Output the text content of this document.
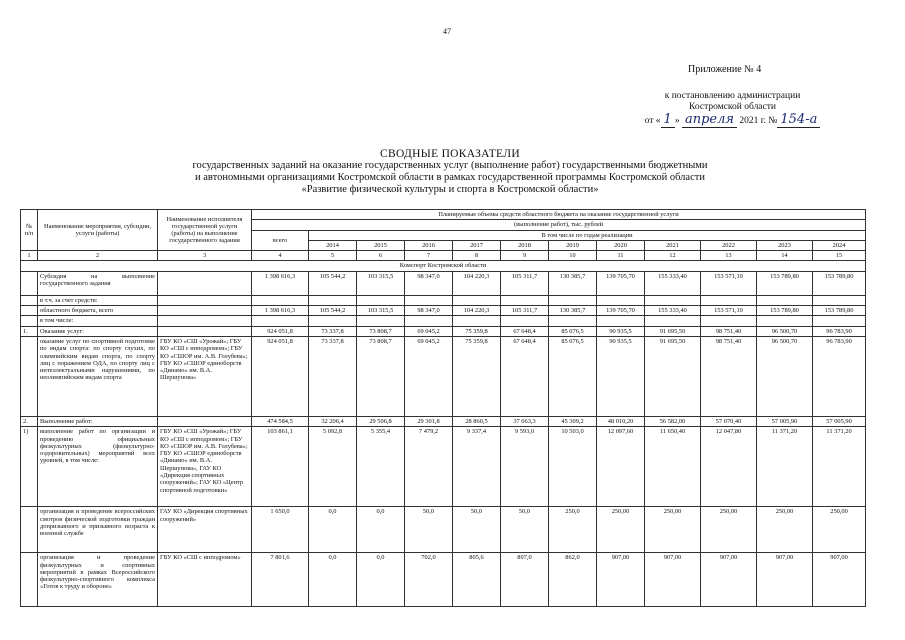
47
Приложение № 4
к постановлению администрации
Костромской области
от « 1 » апреля 2021 г. № 154-а
СВОДНЫЕ ПОКАЗАТЕЛИ
государственных заданий на оказание государственных услуг (выполнение работ) государственными бюджетными
и автономными организациями Костромской области в рамках государственной программы Костромской области
«Развитие физической культуры и спорта в Костромской области»
№ п/п	Наименование мероприятия, субсидии, услуги (работы)	Наименование исполнителя государственной услуги (работы) на выполнение государственного задания	Планируемые объемы средств областного бюджета на оказание государственной услуги											
			(выполнение работ), тыс. рублей											
			всего	В том числе по годам реализации										
				2014	2015	2016	2017	2018	2019	2020	2021	2022	2023	2024
1	2	3	4	5	6	7	8	9	10	11	12	13	14	15
Комспорт Костромской области														
	Субсидия на выполнение государственного задания		1 398 616,3	105 544,2	103 315,5	98 347,0	104 220,3	105 311,7	130 385,7	139 705,70	155 333,40	153 571,10	153 789,80	153 789,80
	в т.ч. за счет средств:													
	областного бюджета, всего		1 398 616,3	105 544,2	103 315,5	98 347,0	104 220,3	105 311,7	130 385,7	139 705,70	155 333,40	153 571,10	153 789,80	153 789,80
	в том числе:													
1.	Оказание услуг:		924 051,8	73 337,8	73 808,7	69 045,2	75 359,8	67 648,4	85 076,5	90 935,5	91 695,50	98 751,40	96 500,70	96 783,90
	оказание услуг по спортивной подготовке по видам спорта: по спорту глухих, по олимпийским видам спорта, по спорту лиц с поражением ОДА, по спорту лиц с интеллектуальными нарушениями, по неолимпийским видам спорта	ГБУ КО «СШ «Урожай»; ГБУ КО «СШ с ипподромом»; ГБУ КО «СШОР им. А.В. Голубева»; ГБУ КО «СШОР единоборств «Динамо» им. В.А. Шершунова»	924 051,8	73 337,8	73 808,7	69 045,2	75 359,8	67 648,4	85 076,5	90 935,5	91 695,50	98 751,40	96 500,70	96 783,90
2.	Выполнение работ:		474 584,5	32 206,4	29 506,8	29 301,8	28 860,5	37 663,3	45 309,2	48 010,20	56 582,00	57 070,40	57 005,90	57 005,90
1)	выполнение работ по организации и проведению официальных физкультурных (физкультурно-оздоровительных) мероприятий всех уровней, в том числе:	ГБУ КО «СШ «Урожай»; ГБУ КО «СШ с ипподромом»; ГБУ КО «СШОР им. А.В. Голубева»; ГБУ КО «СШОР единоборств «Динамо» им. В.А. Шершунова», ГАУ КО «Дирекция спортивных сооружений»; ГАУ КО «Центр спортивной подготовки»	103 861,1	5 092,8	5 355,4	7 479,2	9 337,4	9 593,0	10 503,0	12 097,60	11 650,40	12 047,80	11 371,20	11 371,20
	организация и проведение всероссийских смотров физической подготовки граждан допризывного и призывного возраста к военной службе	ГАУ КО «Дирекция спортивных сооружений»	1 650,0	0,0	0,0	50,0	50,0	50,0	250,0	250,00	250,00	250,00	250,00	250,00
	организация и проведение физкультурных и спортивных мероприятий в рамках Всероссийского физкультурно-спортивного комплекса «Готов к труду и обороне»	ГБУ КО «СШ с ипподромом»	7 801,6	0,0	0,0	702,0	805,6	897,0	862,0	907,00	907,00	907,00	907,00	907,00
